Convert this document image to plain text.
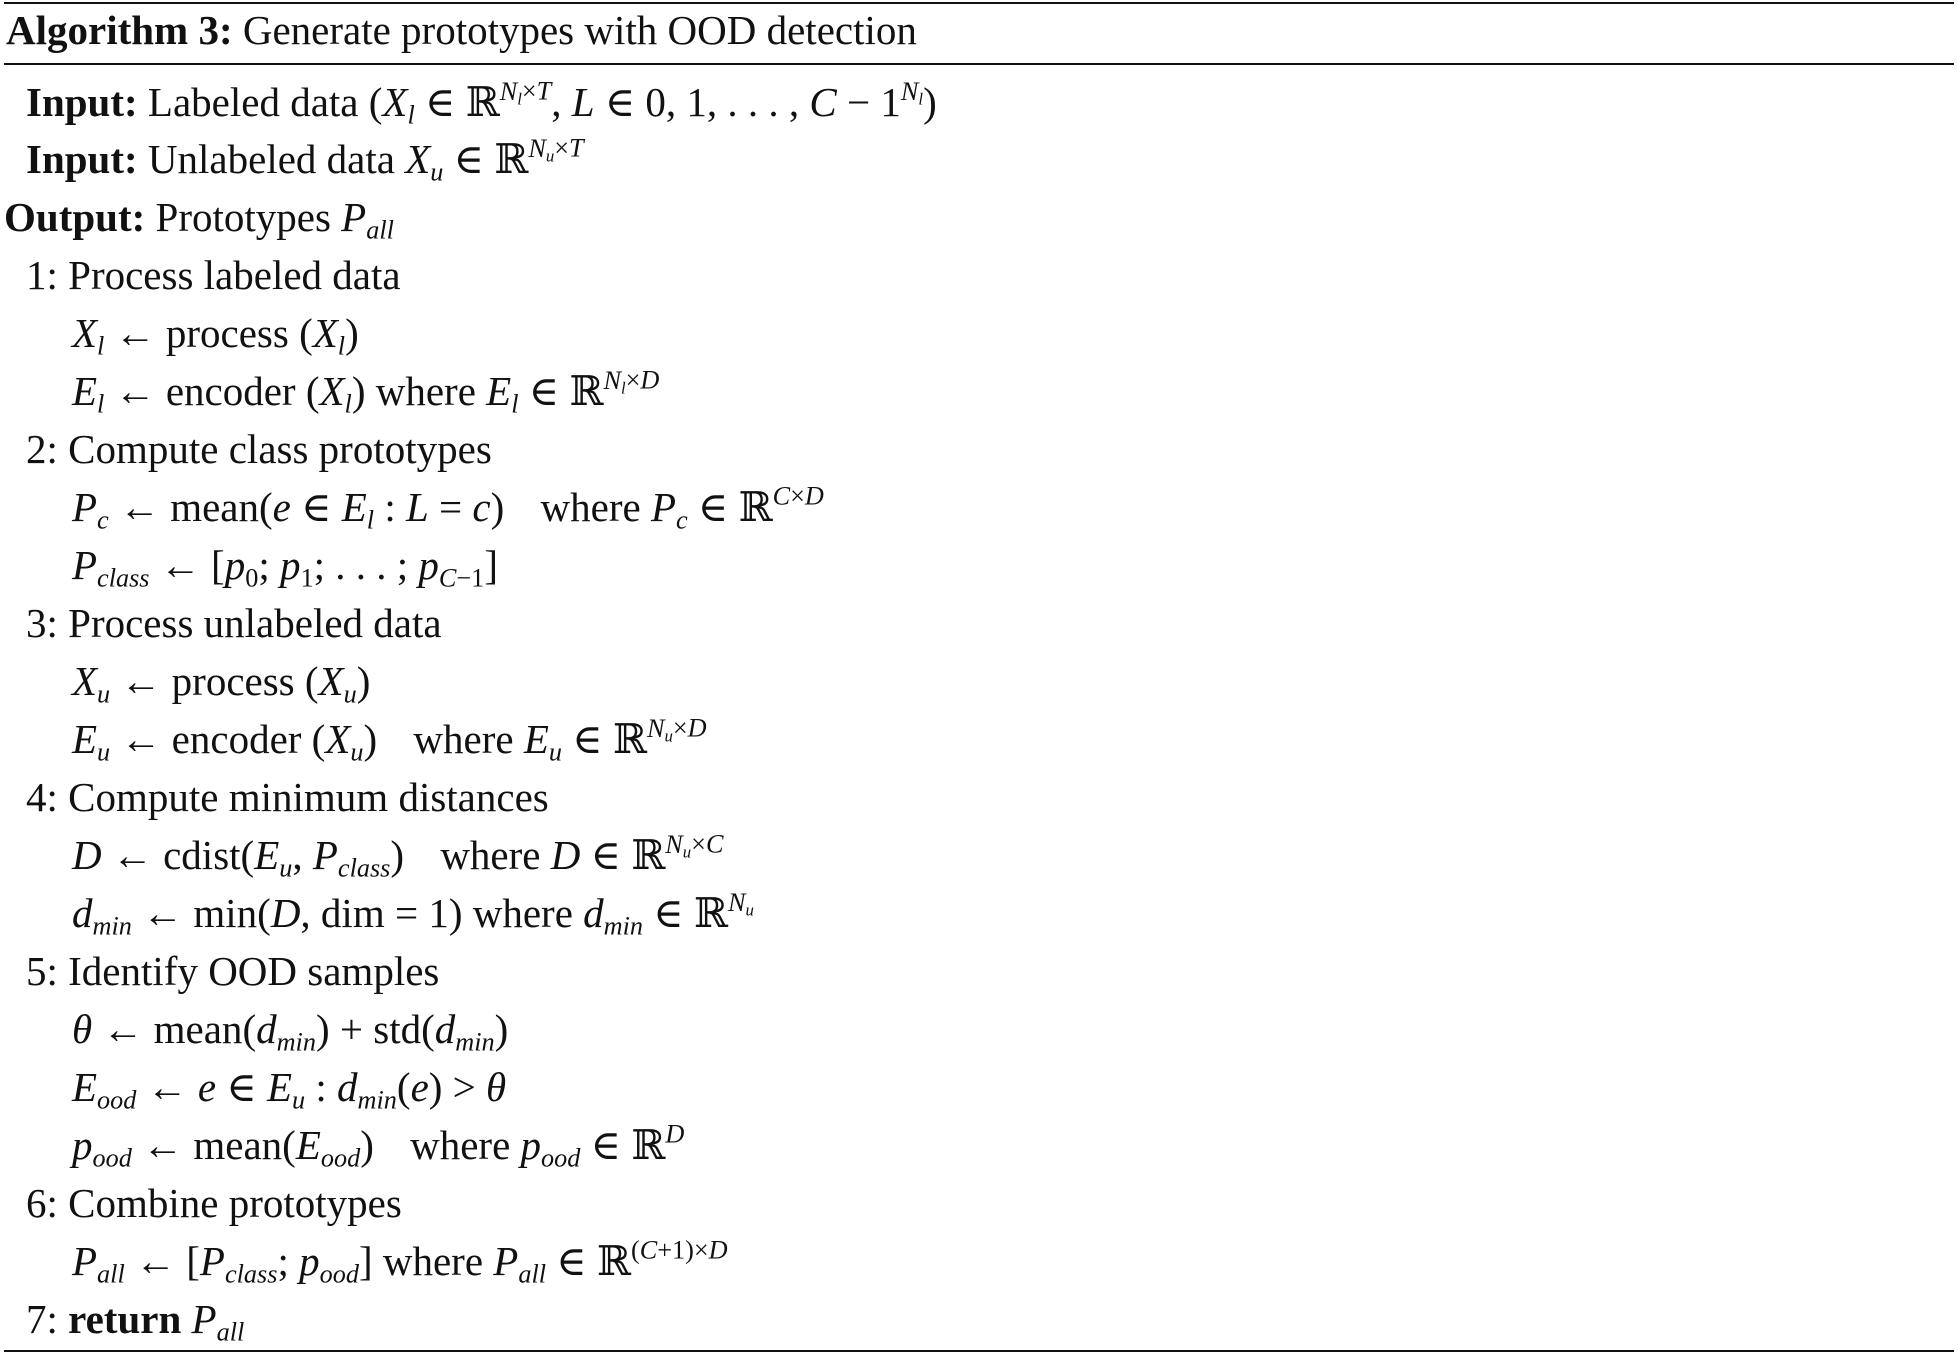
Algorithm 3: Generate prototypes with OOD detection
Input: Labeled data ($X_l$ ∈ ℝ$^{N_l\times T}$, L ∈ 0, 1, . . . , $C - 1^{N_l}$)
Input: Unlabeled data $X_u$ ∈ ℝ$^{N_u\times T}$
Output: Prototypes $P_{all}$
1: Process labeled data
$X_l$ ← process $(X_l)$
$E_l$ ← encoder $(X_l)$ where $E_l$ ∈ ℝ$^{N_l\times D}$
2: Compute class prototypes
$P_c$ ← mean(e ∈ $E_l$ : L = c) where $P_c$ ∈ ℝ$^{C\times D}$
$P_{class}$ ← [$p_0$; $p_1$; . . . ; $p_{C-1}$]
3: Process unlabeled data
$X_u$ ← process $(X_u)$
$E_u$ ← encoder $(X_u)$ where $E_u$ ∈ ℝ$^{N_u\times D}$
4: Compute minimum distances
D ← $cdist(E_u$, $P_{class}$) where D ∈ ℝ$^{N_u\times C}$
$d_{min}$ ← min(D, dim = 1) where $d_{min}$ ∈ ℝ$^{N_u}$
5: Identify OOD samples
θ ← $mean(d_{min}) + std(d_{min})$
$E_{ood}$ ← e ∈ $E_u$ : $d_{min}(e) > \theta$
$p_{ood}$ ← $mean(E_{ood})$ where $p_{ood}$ ∈ ℝ$^D$
6: Combine prototypes
$P_{all}$ ← [$P_{class}$; $p_{ood}$] where $P_{all}$ ∈ ℝ$^{(C+1)\times D}$
7: return $P_{all}$
